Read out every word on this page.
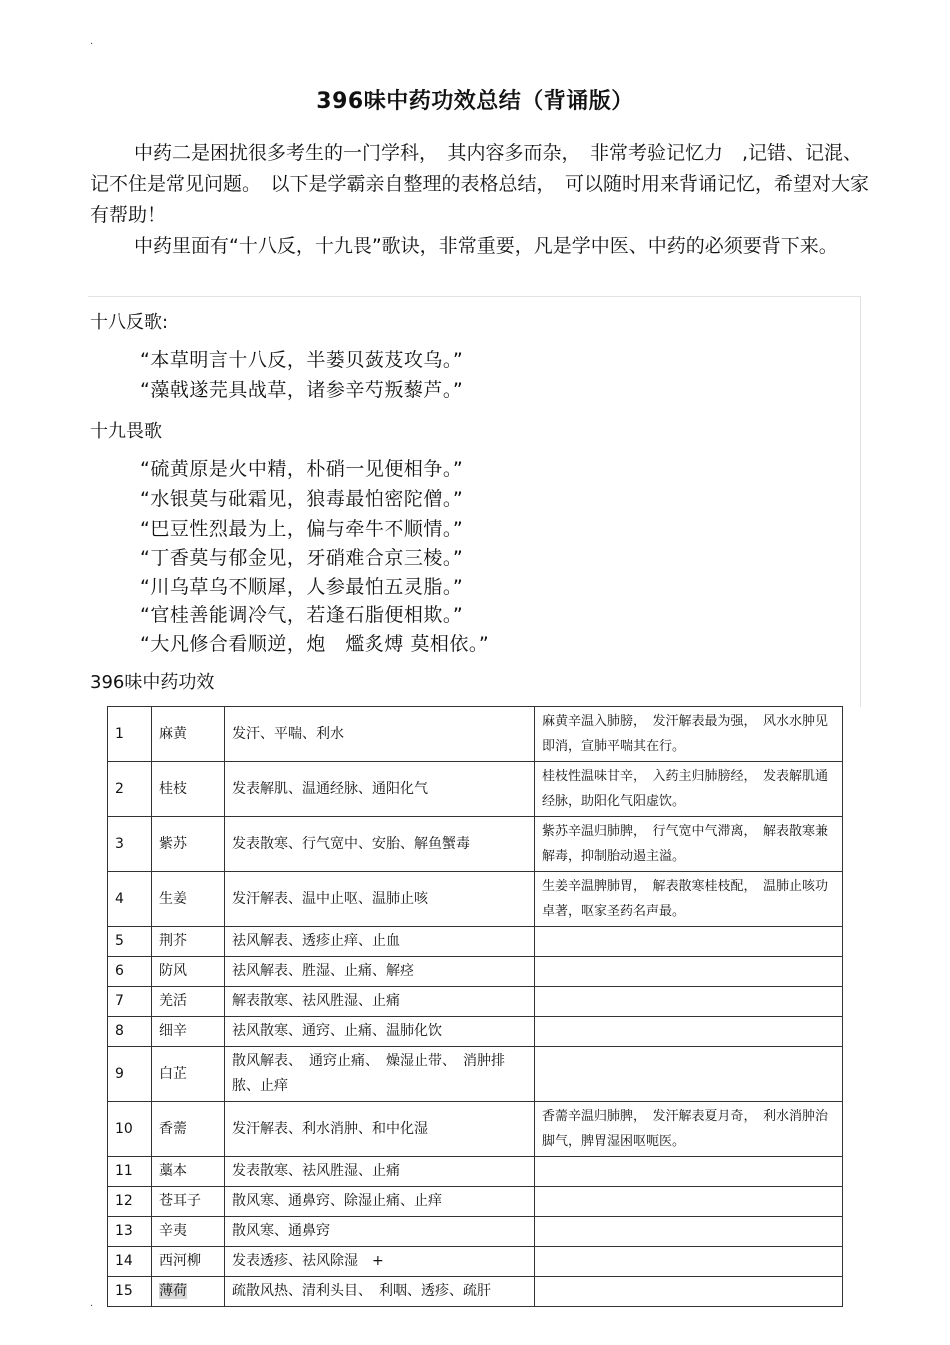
.
.
396味中药功效总结（背诵版）

中药二是困扰很多考生的一门学科，　其内容多而杂，　非常考验记忆力　,记错、记混、记不住是常见问题。　以下是学霸亲自整理的表格总结，　可以随时用来背诵记忆，希望对大家有帮助！

中药里面有“十八反，十九畏”歌诀，非常重要，凡是学中医、中药的必须要背下来。

十八反歌:
“本草明言十八反，半蒌贝蔹芨攻乌。”
“藻戟遂芫具战草，诸参辛芍叛藜芦。”
十九畏歌
“硫黄原是火中精，朴硝一见便相争。”
“水银莫与砒霜见，狼毒最怕密陀僧。”
“巴豆性烈最为上，偏与牵牛不顺情。”
“丁香莫与郁金见，牙硝难合京三棱。”
“川乌草乌不顺犀，人参最怕五灵脂。”
“官桂善能调冷气，若逢石脂便相欺。”
“大凡修合看顺逆，炮　爁炙煿 莫相依。”
396味中药功效
1	麻黄	发汗、平喘、利水	麻黄辛温入肺膀，　发汗解表最为强，　风水水肿见即消，宣肺平喘其在行。
2	桂枝	发表解肌、温通经脉、通阳化气	桂枝性温味甘辛，　入药主归肺膀经，　发表解肌通经脉，助阳化气阳虚饮。
3	紫苏	发表散寒、行气宽中、安胎、解鱼蟹毒	紫苏辛温归肺脾，　行气宽中气滞离，　解表散寒兼解毒，抑制胎动遏主溢。
4	生姜	发汗解表、温中止呕、温肺止咳	生姜辛温脾肺胃，　解表散寒桂枝配，　温肺止咳功卓著，呕家圣药名声最。
5	荆芥	祛风解表、透疹止痒、止血	
6	防风	祛风解表、胜湿、止痛、解痉	
7	羌活	解表散寒、祛风胜湿、止痛	
8	细辛	祛风散寒、通窍、止痛、温肺化饮	
9	白芷	散风解表、　通窍止痛、　燥湿止带、　消肿排脓、止痒	
10	香薷	发汗解表、利水消肿、和中化湿	香薷辛温归肺脾，　发汗解表夏月奇，　利水消肿治脚气，脾胃湿困呕呃医。
11	藁本	发表散寒、祛风胜湿、止痛	
12	苍耳子	散风寒、通鼻窍、除湿止痛、止痒	
13	辛夷	散风寒、通鼻窍	
14	西河柳	发表透疹、祛风除湿　+	
15	薄荷	疏散风热、清利头目、　利咽、透疹、疏肝	
